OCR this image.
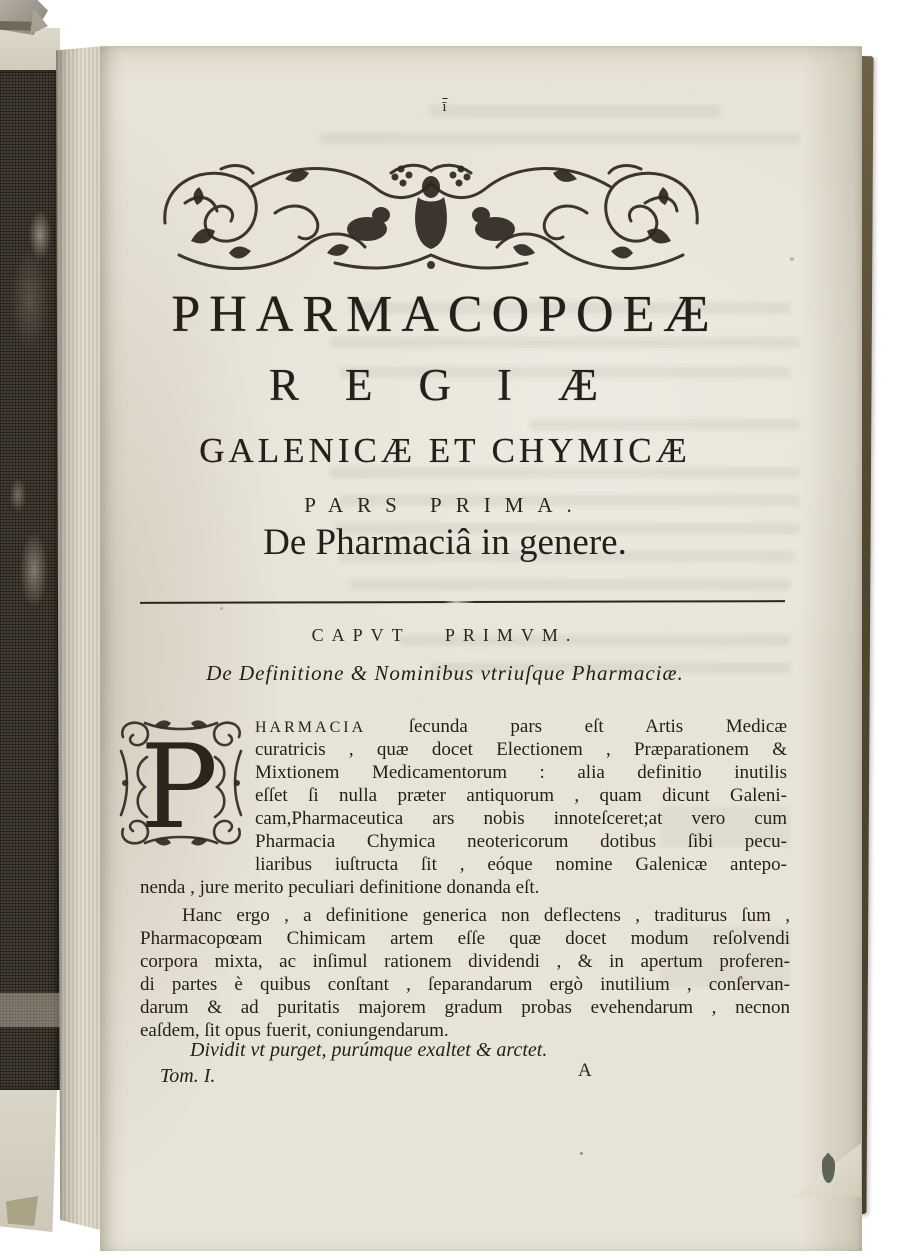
$\overline{ī}$
PHARMACOPOEÆ
REGIÆ
GALENICÆ ET CHYMICÆ
PARS PRIMA.
De Pharmaciâ in genere.
CAPVT PRIMVM.
De Definitione & Nominibus vtriuſque Pharmaciæ.
P HARMACIA ſecunda pars eſt Artis Medicæ
curatricis , quæ docet Electionem , Præparationem &
Mixtionem Medicamentorum : alia definitio inutilis
eſſet ſi nulla præter antiquorum , quam dicunt Galeni-
cam,Pharmaceutica ars nobis innoteſceret;at vero cum
Pharmacia Chymica neotericorum dotibus ſibi pecu-
liaribus iuſtructa ſit , eóque nomine Galenicæ antepo-
nenda , jure merito peculiari definitione donanda eſt.
Hanc ergo , a definitione generica non deflectens , traditurus ſum ,
Pharmacopœam Chimicam artem eſſe quæ docet modum reſolvendi
corpora mixta, ac inſimul rationem dividendi , & in apertum proferen-
di partes è quibus conſtant , ſeparandarum ergò inutilium , conſervan-
darum & ad puritatis majorem gradum probas evehendarum , necnon
eaſdem, ſit opus fuerit, coniungendarum.
Dividit vt purget, purúmque exaltet & arctet.
Tom. I.	A
